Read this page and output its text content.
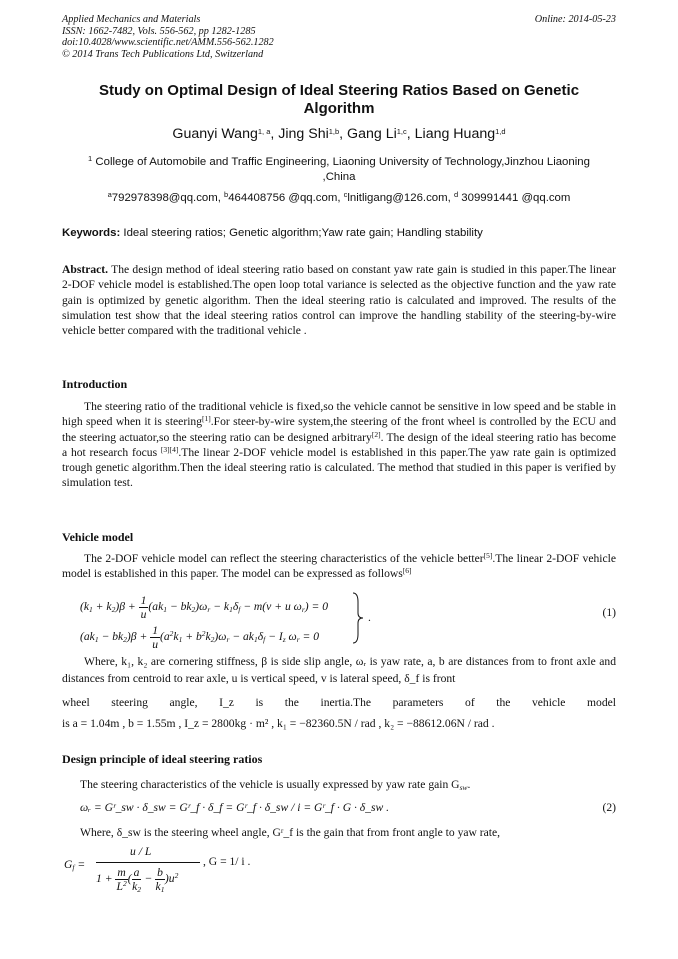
Applied Mechanics and Materials
ISSN: 1662-7482, Vols. 556-562, pp 1282-1285
doi:10.4028/www.scientific.net/AMM.556-562.1282
© 2014 Trans Tech Publications Ltd, Switzerland
Online: 2014-05-23
Study on Optimal Design of Ideal Steering Ratios Based on Genetic
Algorithm
Guanyi Wang$^{1, a}$, Jing Shi$^{1,b}$, Gang Li$^{1,c}$, Liang Huang$^{1,d}$
$^1$ College of Automobile and Traffic Engineering, Liaoning University of Technology,Jinzhou Liaoning
,China
$^a$792978398@qq.com, $^b$464408756 @qq.com, $^c$lnitligang@126.com, $^d$ 309991441 @qq.com
Keywords: Ideal steering ratios; Genetic algorithm;Yaw rate gain; Handling stability
Abstract. The design method of ideal steering ratio based on constant yaw rate gain is studied in this paper.The linear 2-DOF vehicle model is established.The open loop total variance is selected as the objective function and the yaw rate gain is optimized by genetic algorithm. Then the ideal steering ratio is calculated and improved. The results of the simulation test show that the ideal steering ratios control can improve the handling stability of the steering-by-wire vehicle better compared with the traditional vehicle .
Introduction
The steering ratio of the traditional vehicle is fixed,so the vehicle cannot be sensitive in low speed and be stable in high speed when it is steering[1].For steer-by-wire system,the steering of the front wheel is controlled by the ECU and the steering actuator,so the steering ratio can be designed arbitrary[2]. The design of the ideal steering ratio has become a hot research focus [3][4].The linear 2-DOF vehicle model is established in this paper.The yaw rate gain is optimized trough genetic algorithm.Then the ideal steering ratio is calculated. The method that studied in this paper is verified by simulation test.
Vehicle model
The 2-DOF vehicle model can reflect the steering characteristics of the vehicle better[5].The linear 2-DOF vehicle model is established in this paper. The model can be expressed as follows[6]
$(k_1 + k_2)\beta + \frac{1}{u} (ak_1 - bk_2)\omega_r - k_1\delta_f - m(v + u$ $\omega_r) = 0$
$(ak_1 - bk_2)\beta + \frac{1}{u} (a^2k_1 + b^2k_2)\omega_r - ak_1\delta_f - I_z$ $\omega_r = 0$
.	(1)
Where, k₁, k₂ are cornering stiffness, β is side slip angle, ωᵣ is yaw rate, a, b are distances from to front axle and distances from centroid to rear axle, u is vertical speed, v is lateral speed, δ_f is front
wheel steering angle, I_z is the inertia.The parameters of the vehicle model
is a = 1.04m , b = 1.55m , I_z = 2800kg · m² , k₁ = −82360.5N / rad , k₂ = −88612.06N / rad .
Design principle of ideal steering ratios
The steering characteristics of the vehicle is usually expressed by yaw rate gain $G_{sw}$.
ωᵣ = Gʳ_sw · δ_sw = Gʳ_f · δ_f = Gʳ_f · δ_sw / i = Gʳ_f · G · δ_sw .	(2)
Where, δ_sw is the steering wheel angle, Gʳ_f is the gain that from front angle to yaw rate,
$G_f$ =
u / L
$1 + \frac{m}{L^2}$ ( $\frac{a}{k_2} - \frac{b}{k_1} )u^2$
, G = 1/ i .
